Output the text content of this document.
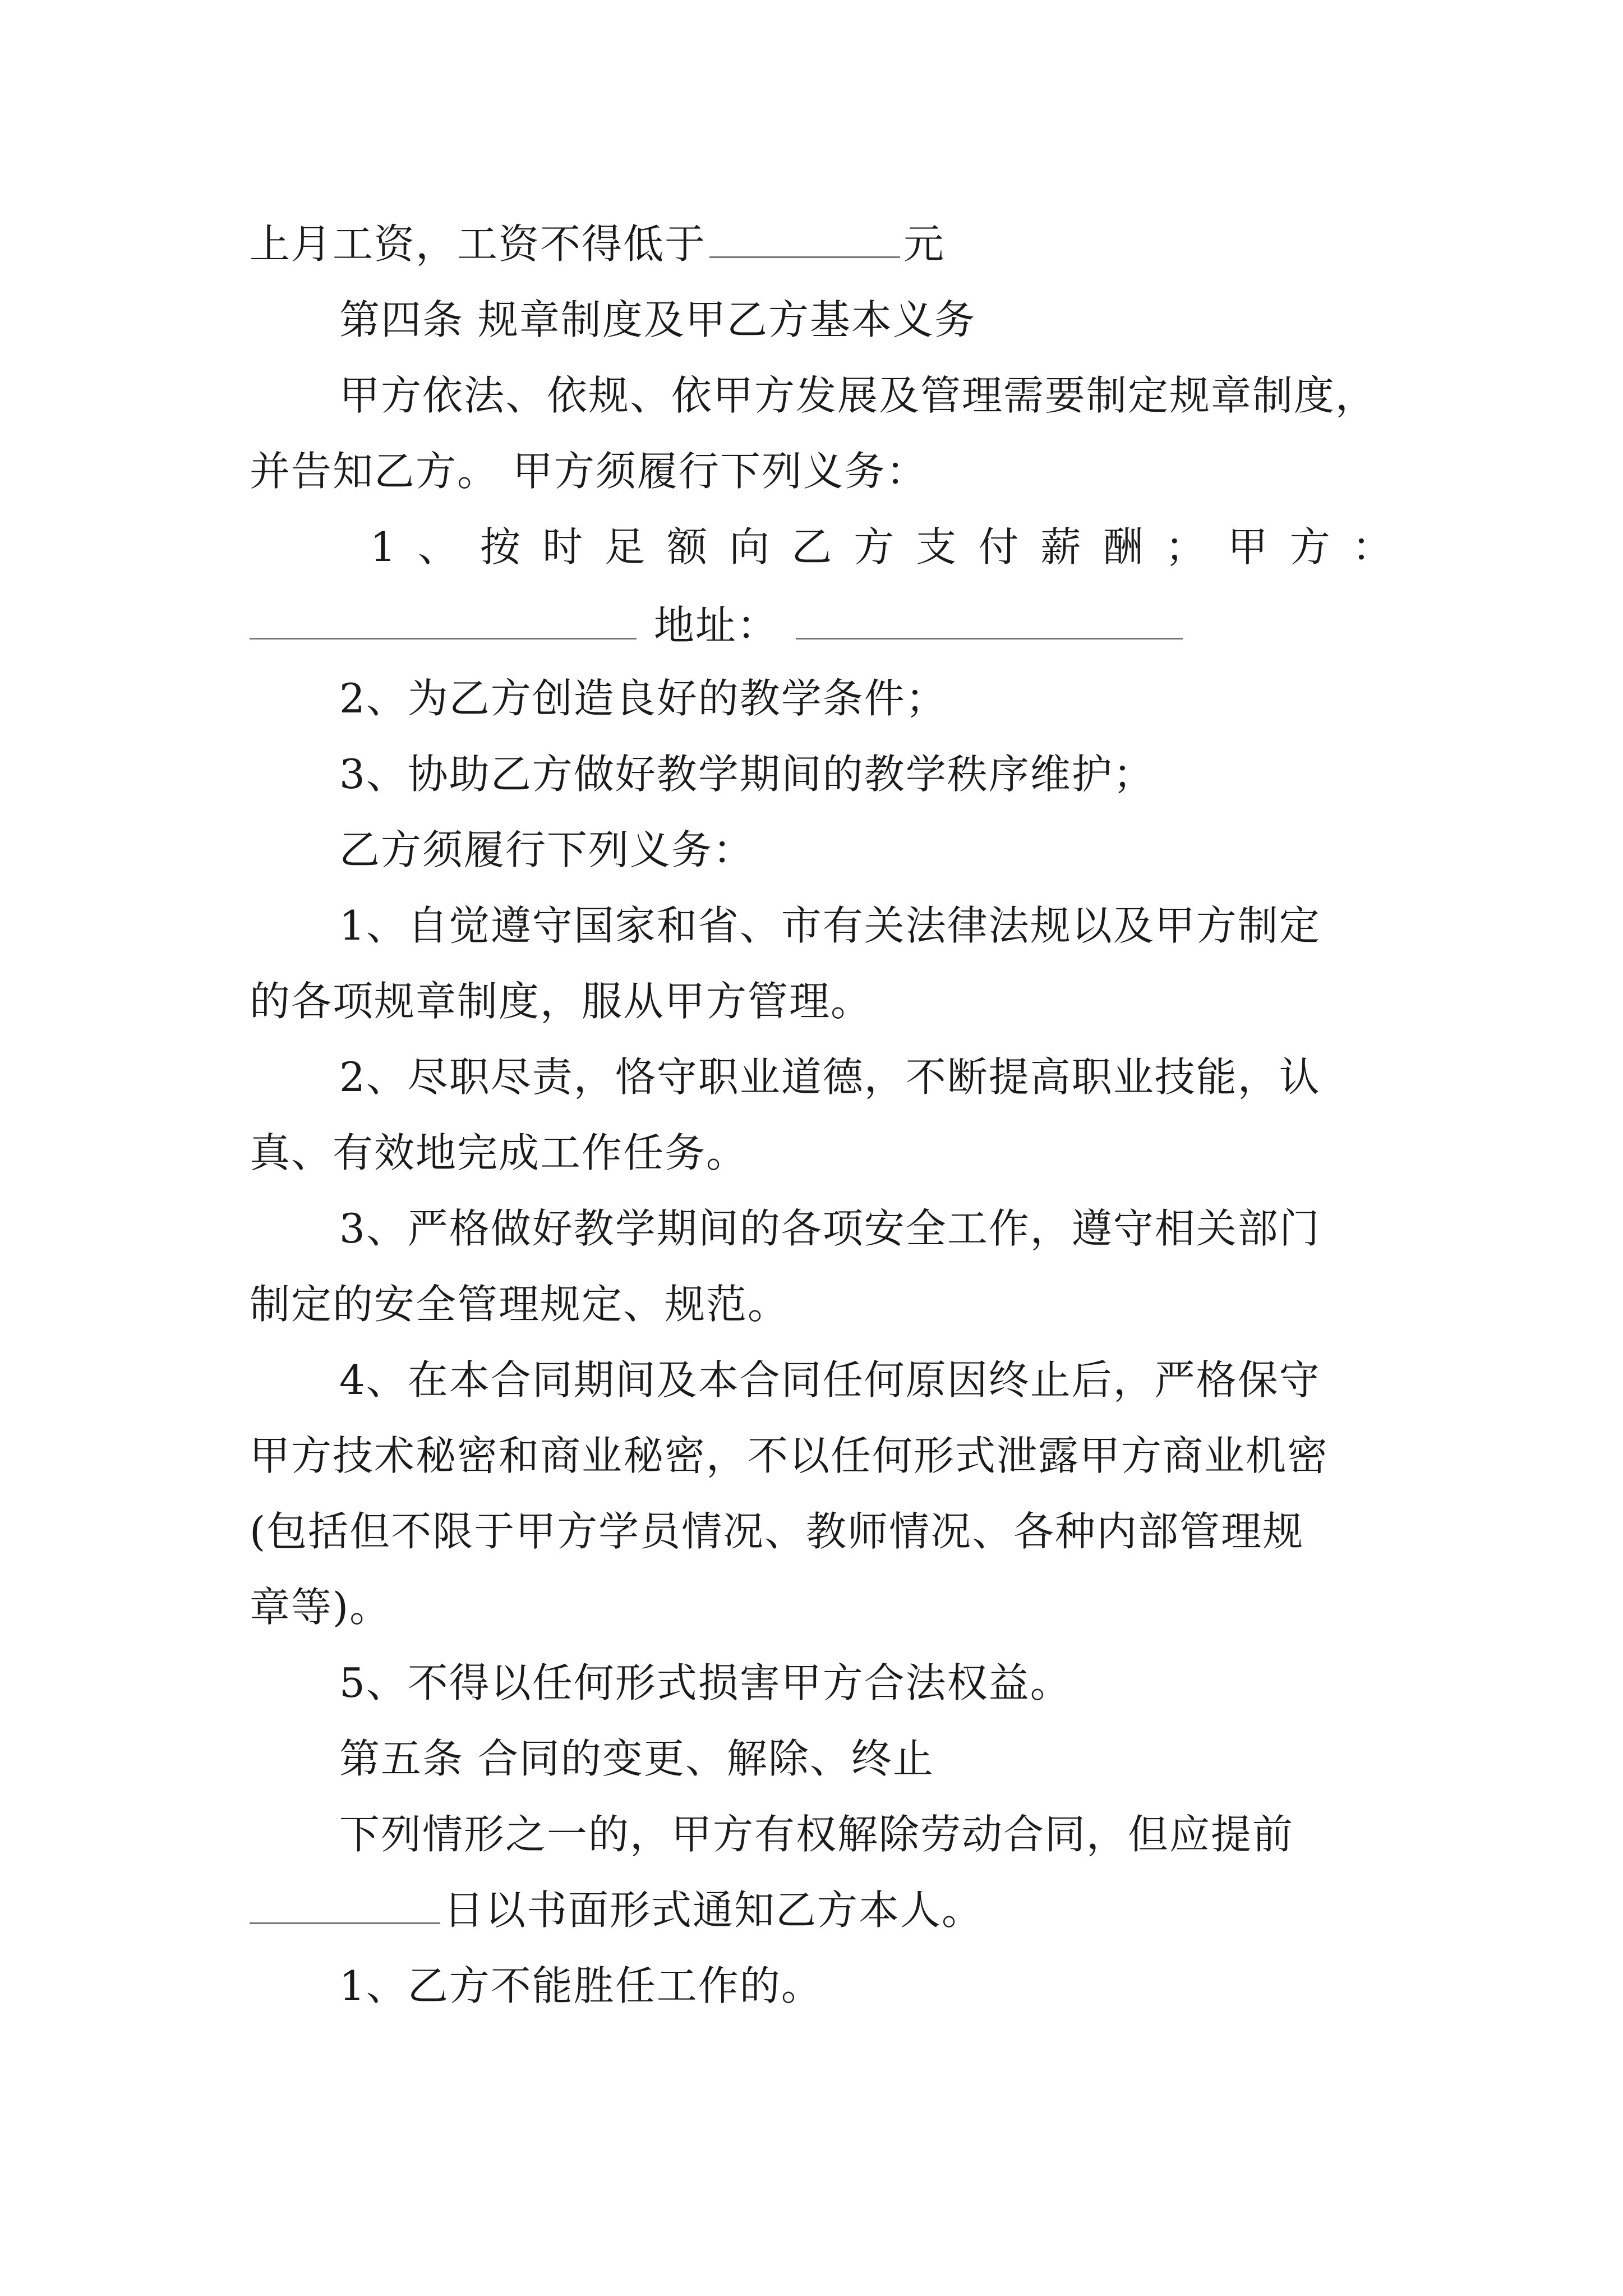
上月工资，工资不得低于	元
第四条 规章制度及甲乙方基本义务
甲方依法、依规、依甲方发展及管理需要制定规章制度，
并告知乙方。 甲方须履行下列义务：
1 、 按 时 足 额 向 乙 方 支 付 薪 酬 ； 甲 方 ：
地址：
2、为乙方创造良好的教学条件；
3、协助乙方做好教学期间的教学秩序维护；
乙方须履行下列义务：
1、自觉遵守国家和省、市有关法律法规以及甲方制定
的各项规章制度，服从甲方管理。
2、尽职尽责，恪守职业道德，不断提高职业技能，认
真、有效地完成工作任务。
3、严格做好教学期间的各项安全工作，遵守相关部门
制定的安全管理规定、规范。
4、在本合同期间及本合同任何原因终止后，严格保守
甲方技术秘密和商业秘密，不以任何形式泄露甲方商业机密
(包括但不限于甲方学员情况、教师情况、各种内部管理规
章等)。
5、不得以任何形式损害甲方合法权益。
第五条 合同的变更、解除、终止
下列情形之一的，甲方有权解除劳动合同，但应提前
日以书面形式通知乙方本人。
1、乙方不能胜任工作的。
